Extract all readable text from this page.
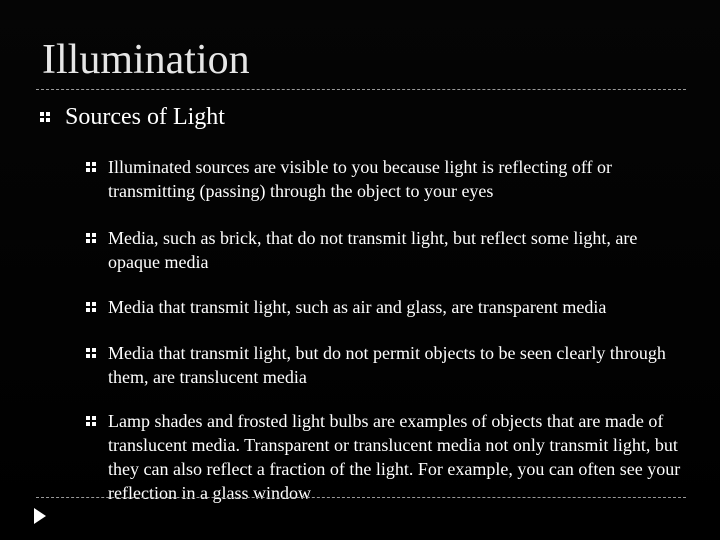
Illumination
Sources of Light
Illuminated sources are visible to you because light is reflecting off or transmitting (passing) through the object to your eyes
Media, such as brick, that do not transmit light, but reflect some light, are opaque media
Media that transmit light, such as air and glass, are transparent media
Media that transmit light, but do not permit objects to be seen clearly through them, are translucent media
Lamp shades and frosted light bulbs are examples of objects that are made of translucent media. Transparent or translucent media not only transmit light, but they can also reflect a fraction of the light. For example, you can often see your reflection in a glass window
